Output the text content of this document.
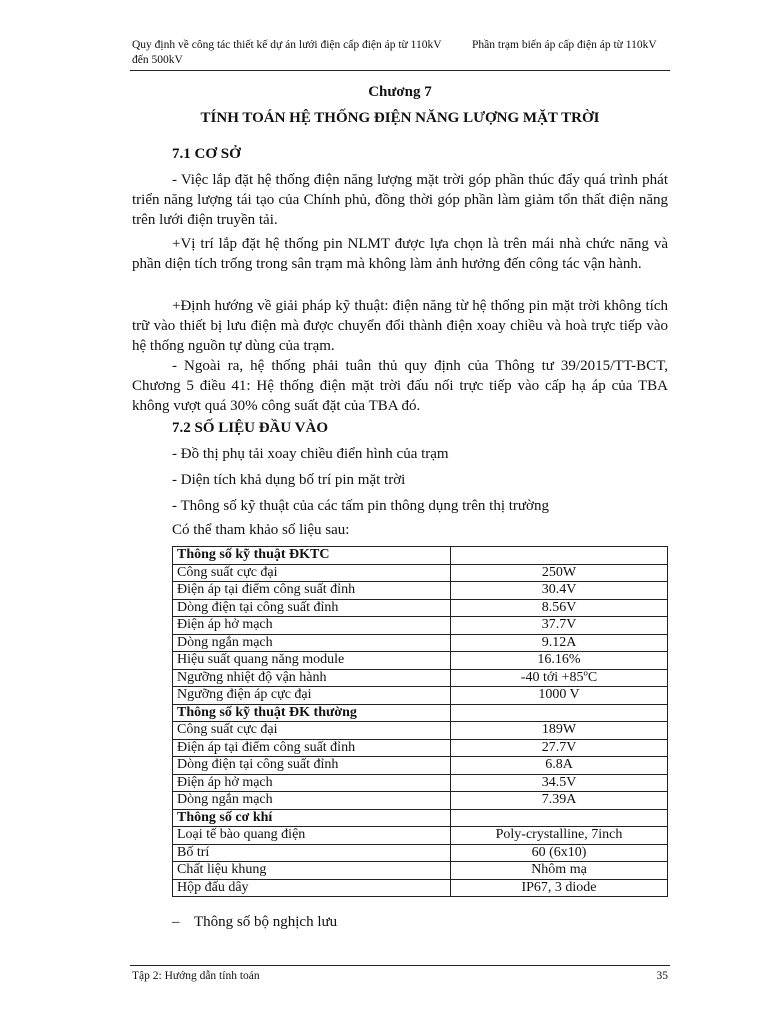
Quy định về công tác thiết kế dự án lưới điện cấp điện áp từ 110kV đến 500kV
Phần trạm biến áp cấp điện áp từ 110kV
Chương 7
TÍNH TOÁN HỆ THỐNG ĐIỆN NĂNG LƯỢNG MẶT TRỜI
7.1 CƠ SỞ
- Việc lắp đặt hệ thống điện năng lượng mặt trời góp phần thúc đẩy quá trình phát triển năng lượng tái tạo của Chính phủ, đồng thời góp phần làm giảm tổn thất điện năng trên lưới điện truyền tải.
+Vị trí lắp đặt hệ thống pin NLMT được lựa chọn là trên mái nhà chức năng và phần diện tích trống trong sân trạm mà không làm ảnh hưởng đến công tác vận hành.
+Định hướng về giải pháp kỹ thuật: điện năng từ hệ thống pin mặt trời không tích trữ vào thiết bị lưu điện mà được chuyển đổi thành điện xoay chiều và hoà trực tiếp vào hệ thống nguồn tự dùng của trạm.
- Ngoài ra, hệ thống phải tuân thủ quy định của Thông tư 39/2015/TT-BCT, Chương 5 điều 41: Hệ thống điện mặt trời đấu nối trực tiếp vào cấp hạ áp của TBA không vượt quá 30% công suất đặt của TBA đó.
7.2 SỐ LIỆU ĐẦU VÀO
- Đồ thị phụ tải xoay chiều điển hình của trạm
- Diện tích khả dụng bố trí pin mặt trời
- Thông số kỹ thuật của các tấm pin thông dụng trên thị trường
Có thể tham khảo số liệu sau:
Thông số kỹ thuật ĐKTC	
Công suất cực đại	250W
Điện áp tại điểm công suất đỉnh	30.4V
Dòng điện tại công suất đỉnh	8.56V
Điện áp hở mạch	37.7V
Dòng ngắn mạch	9.12A
Hiệu suất quang năng module	16.16%
Ngưỡng nhiệt độ vận hành	-40 tới +85ºC
Ngưỡng điện áp cực đại	1000 V
Thông số kỹ thuật ĐK thường	
Công suất cực đại	189W
Điện áp tại điểm công suất đỉnh	27.7V
Dòng điện tại công suất đỉnh	6.8A
Điện áp hở mạch	34.5V
Dòng ngắn mạch	7.39A
Thông số cơ khí	
Loại tế bào quang điện	Poly-crystalline, 7inch
Bố trí	60 (6x10)
Chất liệu khung	Nhôm mạ
Hộp đấu dây	IP67, 3 diode
– Thông số bộ nghịch lưu
Tập 2: Hướng dẫn tính toán	35
